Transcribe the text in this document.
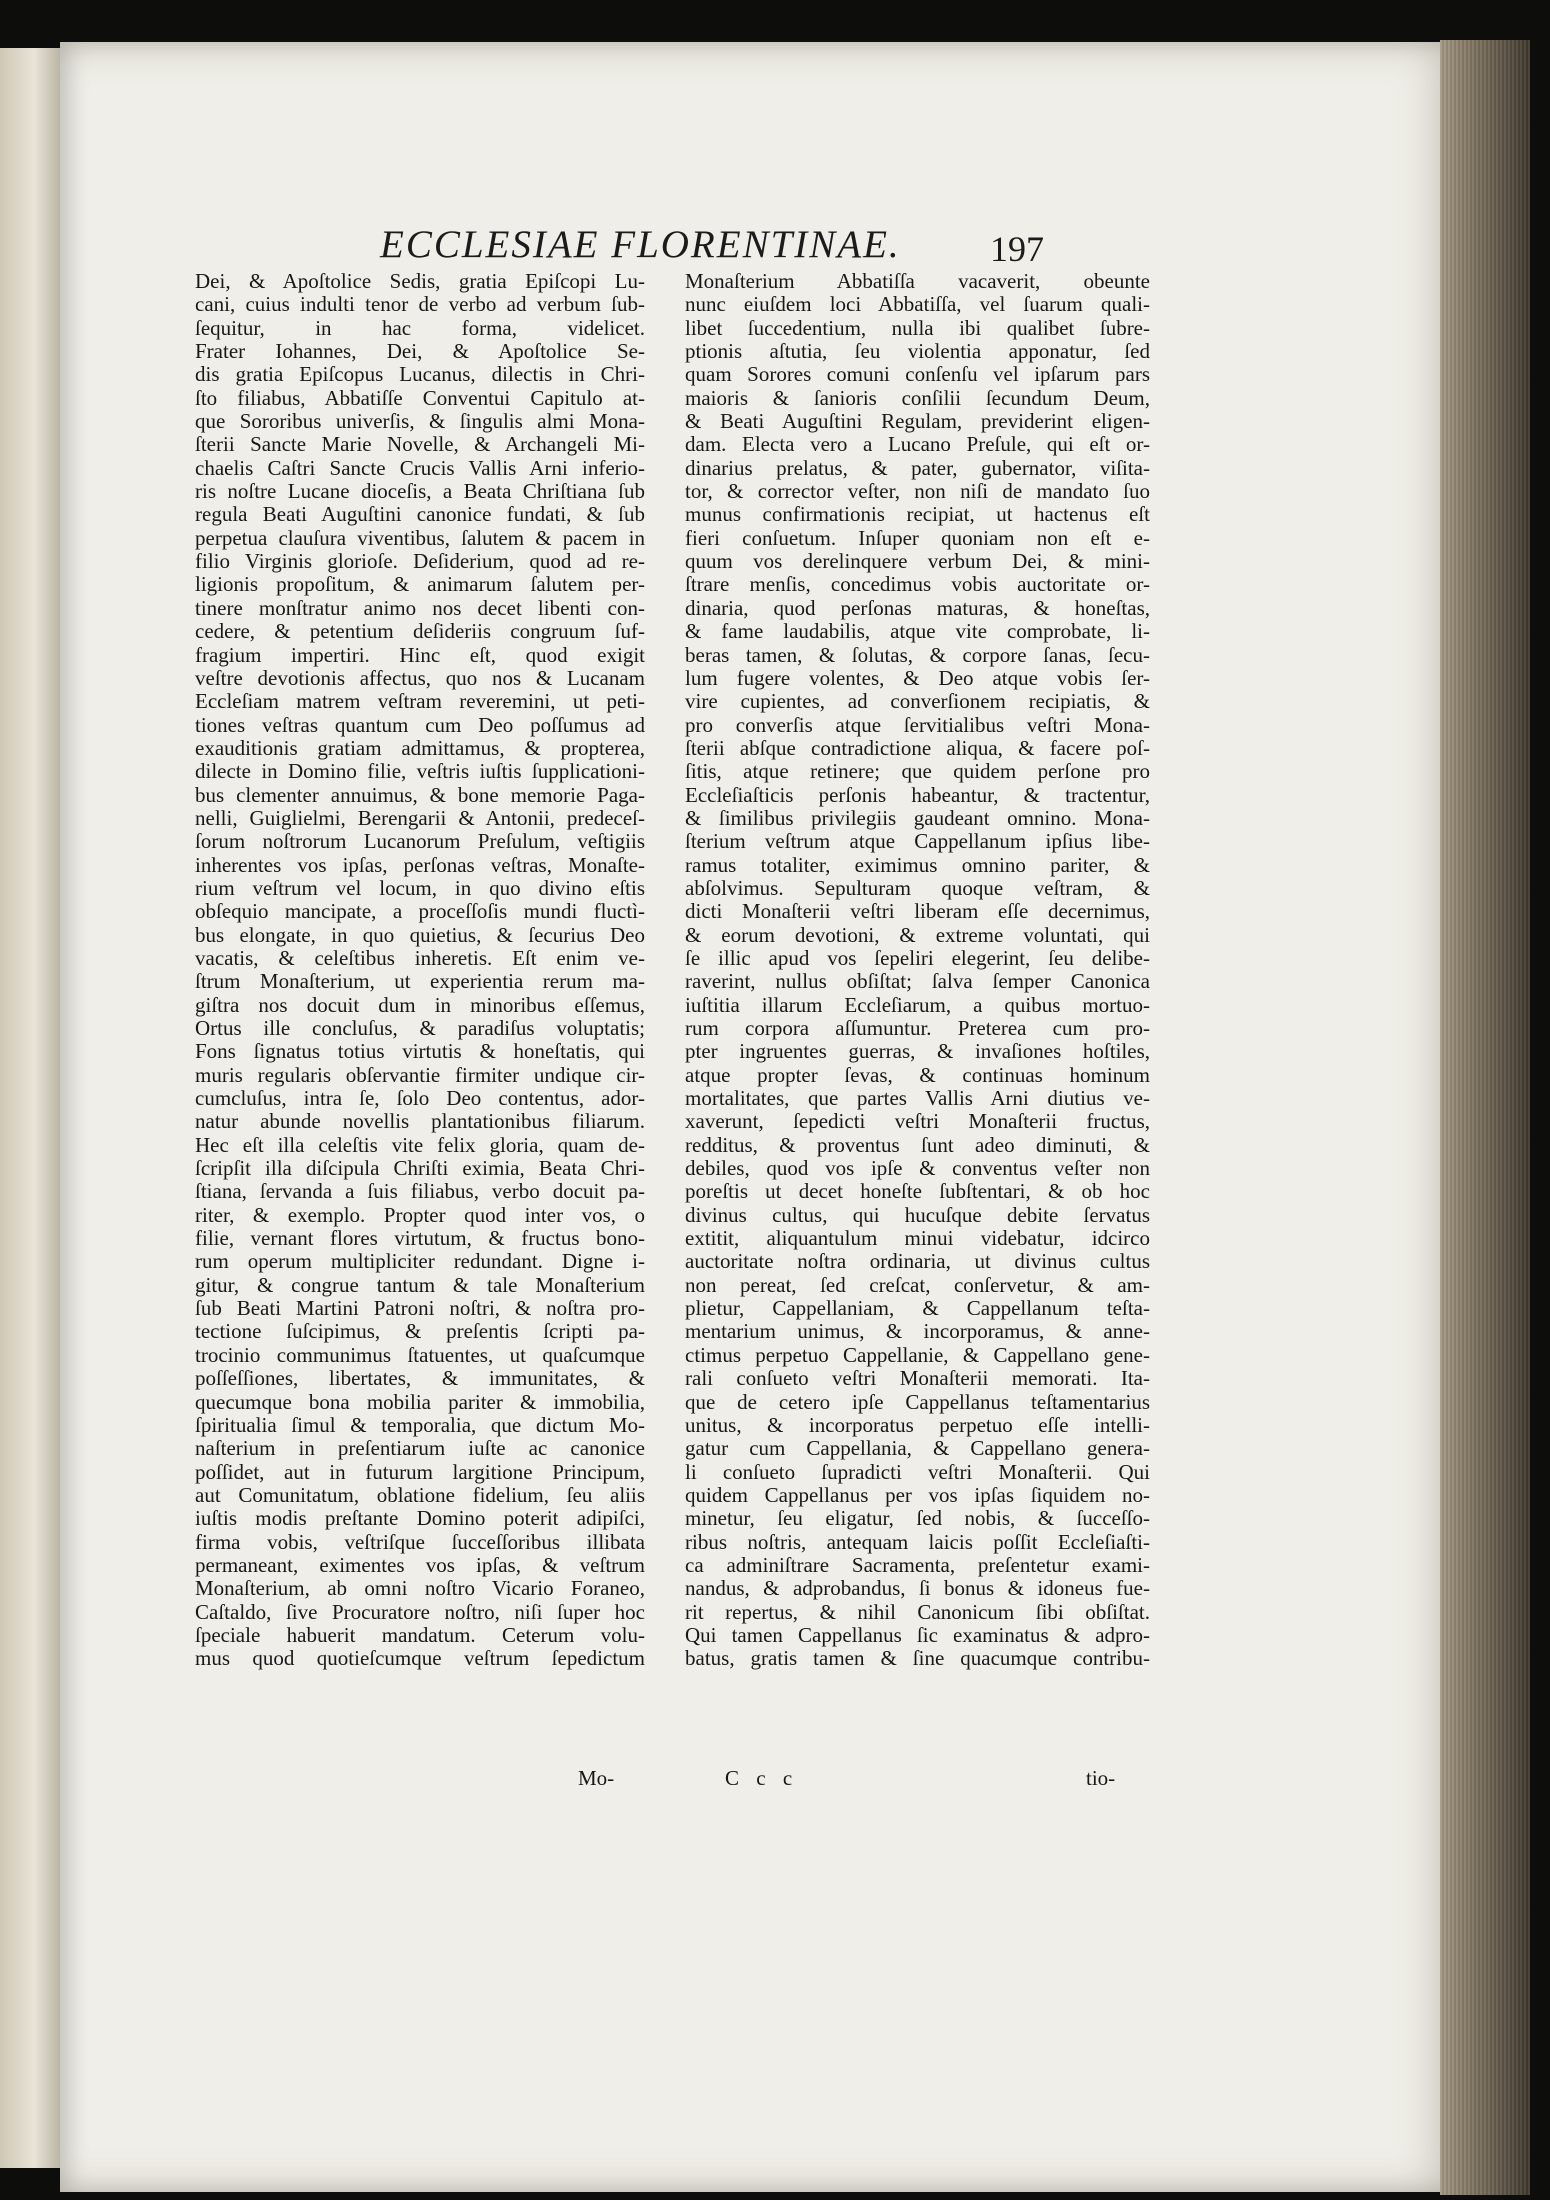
ECCLESIAE FLORENTINAE. 197
Dei, & Apoſtolice Sedis, gratia Epiſcopi Lu-
cani, cuius indulti tenor de verbo ad verbum ſub-
ſequitur, in hac forma, videlicet.
Frater Iohannes, Dei, & Apoſtolice Se-
dis gratia Epiſcopus Lucanus, dilectis in Chri-
ſto filiabus, Abbatiſſe Conventui Capitulo at-
que Sororibus univerſis, & ſingulis almi Mona-
ſterii Sancte Marie Novelle, & Archangeli Mi-
chaelis Caſtri Sancte Crucis Vallis Arni inferio-
ris noſtre Lucane dioceſis, a Beata Chriſtiana ſub
regula Beati Auguſtini canonice fundati, & ſub
perpetua clauſura viventibus, ſalutem & pacem in
filio Virginis glorioſe. Deſiderium, quod ad re-
ligionis propoſitum, & animarum ſalutem per-
tinere monſtratur animo nos decet libenti con-
cedere, & petentium deſideriis congruum ſuf-
fragium impertiri. Hinc eſt, quod exigit
veſtre devotionis affectus, quo nos & Lucanam
Eccleſiam matrem veſtram reveremini, ut peti-
tiones veſtras quantum cum Deo poſſumus ad
exauditionis gratiam admittamus, & propterea,
dilecte in Domino filie, veſtris iuſtis ſupplicationi-
bus clementer annuimus, & bone memorie Paga-
nelli, Guiglielmi, Berengarii & Antonii, predeceſ-
ſorum noſtrorum Lucanorum Preſulum, veſtigiis
inherentes vos ipſas, perſonas veſtras, Monaſte-
rium veſtrum vel locum, in quo divino eſtis
obſequio mancipate, a proceſſoſis mundi fluctì-
bus elongate, in quo quietius, & ſecurius Deo
vacatis, & celeſtibus inheretis. Eſt enim ve-
ſtrum Monaſterium, ut experientia rerum ma-
giſtra nos docuit dum in minoribus eſſemus,
Ortus ille concluſus, & paradiſus voluptatis;
Fons ſignatus totius virtutis & honeſtatis, qui
muris regularis obſervantie firmiter undique cir-
cumcluſus, intra ſe, ſolo Deo contentus, ador-
natur abunde novellis plantationibus filiarum.
Hec eſt illa celeſtis vite felix gloria, quam de-
ſcripſit illa diſcipula Chriſti eximia, Beata Chri-
ſtiana, ſervanda a ſuis filiabus, verbo docuit pa-
riter, & exemplo. Propter quod inter vos, o
filie, vernant flores virtutum, & fructus bono-
rum operum multipliciter redundant. Digne i-
gitur, & congrue tantum & tale Monaſterium
ſub Beati Martini Patroni noſtri, & noſtra pro-
tectione ſuſcipimus, & preſentis ſcripti pa-
trocinio communimus ſtatuentes, ut quaſcumque
poſſeſſiones, libertates, & immunitates, &
quecumque bona mobilia pariter & immobilia,
ſpiritualia ſimul & temporalia, que dictum Mo-
naſterium in preſentiarum iuſte ac canonice
poſſidet, aut in futurum largitione Principum,
aut Comunitatum, oblatione fidelium, ſeu aliis
iuſtis modis preſtante Domino poterit adipiſci,
firma vobis, veſtriſque ſucceſſoribus illibata
permaneant, eximentes vos ipſas, & veſtrum
Monaſterium, ab omni noſtro Vicario Foraneo,
Caſtaldo, ſive Procuratore noſtro, niſi ſuper hoc
ſpeciale habuerit mandatum. Ceterum volu-
mus quod quotieſcumque veſtrum ſepedictum
Monaſterium Abbatiſſa vacaverit, obeunte
nunc eiuſdem loci Abbatiſſa, vel ſuarum quali-
libet ſuccedentium, nulla ibi qualibet ſubre-
ptionis aſtutia, ſeu violentia apponatur, ſed
quam Sorores comuni conſenſu vel ipſarum pars
maioris & ſanioris conſilii ſecundum Deum,
& Beati Auguſtini Regulam, previderint eligen-
dam. Electa vero a Lucano Preſule, qui eſt or-
dinarius prelatus, & pater, gubernator, viſita-
tor, & corrector veſter, non niſi de mandato ſuo
munus confirmationis recipiat, ut hactenus eſt
fieri conſuetum. Inſuper quoniam non eſt e-
quum vos derelinquere verbum Dei, & mini-
ſtrare menſis, concedimus vobis auctoritate or-
dinaria, quod perſonas maturas, & honeſtas,
& fame laudabilis, atque vite comprobate, li-
beras tamen, & ſolutas, & corpore ſanas, ſecu-
lum fugere volentes, & Deo atque vobis ſer-
vire cupientes, ad converſionem recipiatis, &
pro converſis atque ſervitialibus veſtri Mona-
ſterii abſque contradictione aliqua, & facere poſ-
ſitis, atque retinere; que quidem perſone pro
Eccleſiaſticis perſonis habeantur, & tractentur,
& ſimilibus privilegiis gaudeant omnino. Mona-
ſterium veſtrum atque Cappellanum ipſius libe-
ramus totaliter, eximimus omnino pariter, &
abſolvimus. Sepulturam quoque veſtram, &
dicti Monaſterii veſtri liberam eſſe decernimus,
& eorum devotioni, & extreme voluntati, qui
ſe illic apud vos ſepeliri elegerint, ſeu delibe-
raverint, nullus obſiſtat; ſalva ſemper Canonica
iuſtitia illarum Eccleſiarum, a quibus mortuo-
rum corpora aſſumuntur. Preterea cum pro-
pter ingruentes guerras, & invaſiones hoſtiles,
atque propter ſevas, & continuas hominum
mortalitates, que partes Vallis Arni diutius ve-
xaverunt, ſepedicti veſtri Monaſterii fructus,
redditus, & proventus ſunt adeo diminuti, &
debiles, quod vos ipſe & conventus veſter non
poreſtis ut decet honeſte ſubſtentari, & ob hoc
divinus cultus, qui hucuſque debite ſervatus
extitit, aliquantulum minui videbatur, idcirco
auctoritate noſtra ordinaria, ut divinus cultus
non pereat, ſed creſcat, conſervetur, & am-
plietur, Cappellaniam, & Cappellanum teſta-
mentarium unimus, & incorporamus, & anne-
ctimus perpetuo Cappellanie, & Cappellano gene-
rali conſueto veſtri Monaſterii memorati. Ita-
que de cetero ipſe Cappellanus teſtamentarius
unitus, & incorporatus perpetuo eſſe intelli-
gatur cum Cappellania, & Cappellano genera-
li conſueto ſupradicti veſtri Monaſterii. Qui
quidem Cappellanus per vos ipſas ſiquidem no-
minetur, ſeu eligatur, ſed nobis, & ſucceſſo-
ribus noſtris, antequam laicis poſſit Eccleſiaſti-
ca adminiſtrare Sacramenta, preſentetur exami-
nandus, & adprobandus, ſi bonus & idoneus fue-
rit repertus, & nihil Canonicum ſibi obſiſtat.
Qui tamen Cappellanus ſic examinatus & adpro-
batus, gratis tamen & ſine quacumque contribu-
Mo-	C c c	tio-
